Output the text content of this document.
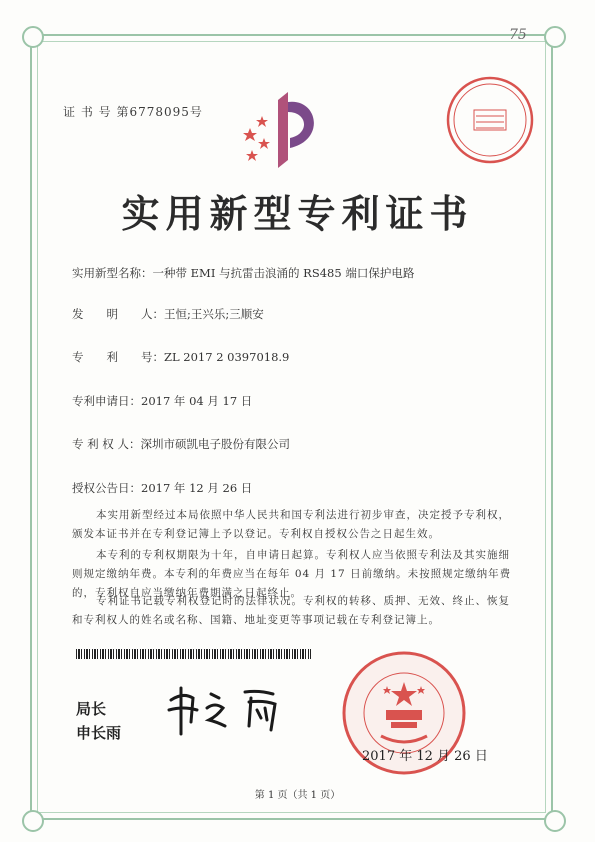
75
证 书 号 第6778095号
实用新型专利证书
实用新型名称：一种带 EMI 与抗雷击浪涌的 RS485 端口保护电路
发　　明　　人：王恒;王兴乐;三顺安
专　　利　　号：ZL 2017 2 0397018.9
专利申请日：2017 年 04 月 17 日
专 利 权 人：深圳市硕凯电子股份有限公司
授权公告日：2017 年 12 月 26 日
本实用新型经过本局依照中华人民共和国专利法进行初步审查，决定授予专利权，颁发本证书并在专利登记簿上予以登记。专利权自授权公告之日起生效。
本专利的专利权期限为十年，自申请日起算。专利权人应当依照专利法及其实施细则规定缴纳年费。本专利的年费应当在每年 04 月 17 日前缴纳。未按照规定缴纳年费的，专利权自应当缴纳年费期满之日起终止。
专利证书记载专利权登记时的法律状况。专利权的转移、质押、无效、终止、恢复和专利权人的姓名或名称、国籍、地址变更等事项记载在专利登记簿上。
局长
申长雨
2017 年 12 月 26 日
第 1 页（共 1 页）
